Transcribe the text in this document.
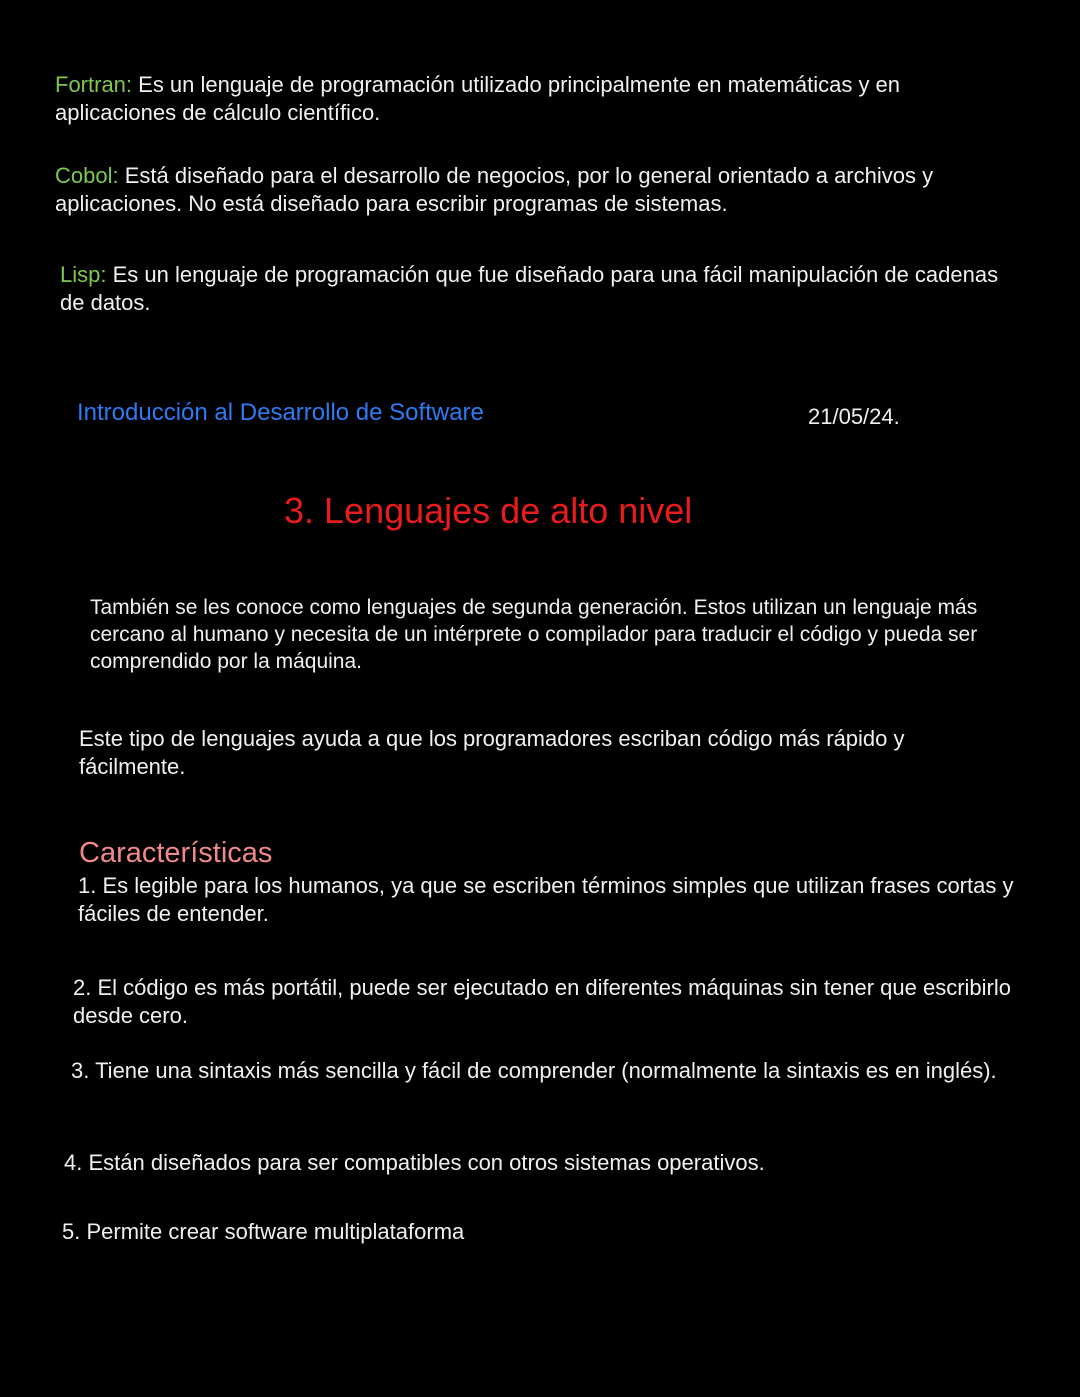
Fortran: Es un lenguaje de programación utilizado principalmente en matemáticas y en aplicaciones de cálculo científico.

Cobol: Está diseñado para el desarrollo de negocios, por lo general orientado a archivos y aplicaciones. No está diseñado para escribir programas de sistemas.

Lisp: Es un lenguaje de programación que fue diseñado para una fácil manipulación de cadenas de datos.

Introducción al Desarrollo de Software	21/05/24.
3. Lenguajes de alto nivel

También se les conoce como lenguajes de segunda generación. Estos utilizan un lenguaje más cercano al humano y necesita de un intérprete o compilador para traducir el código y pueda ser comprendido por la máquina.

Este tipo de lenguajes ayuda a que los programadores escriban código más rápido y fácilmente.

Características

1. Es legible para los humanos, ya que se escriben términos simples que utilizan frases cortas y fáciles de entender.

2. El código es más portátil, puede ser ejecutado en diferentes máquinas sin tener que escribirlo desde cero.

3. Tiene una sintaxis más sencilla y fácil de comprender (normalmente la sintaxis es en inglés).

4. Están diseñados para ser compatibles con otros sistemas operativos.

5. Permite crear software multiplataforma
